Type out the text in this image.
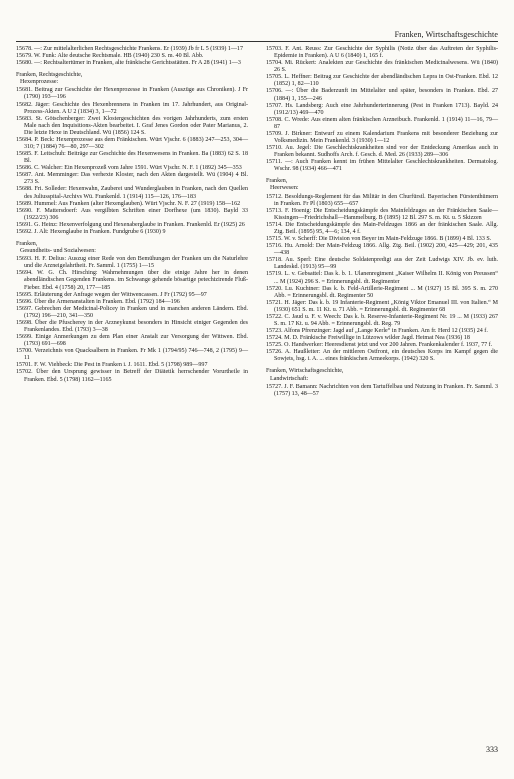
Franken, Wirtschaftsgeschichte

15678. —: Zur mittelalterlichen Rechtsgeschichte Frankens. Er (1939) Jb fr L 5 (1939) 1—17

15679. W. Funk: Alte deutsche Rechtsmale. HB (1940) 230 S. m. 40 Bl. Abb.

15680. —: Rechtsaltertümer in Franken, alte fränkische Gerichtsstätten. Fr A 28 (1941) 1—3

Franken, Rechtsgeschichte,
Hexenprozesse:

15681. Beitrag zur Geschichte der Hexenprozesse in Franken (Auszüge aus Chroniken). J Fr (1790) 193—196

15682. Jäger: Geschichte des Hexenbrennens in Franken im 17. Jahrhundert, aus Original-Prozess-Akten. A U 2 (1834) 3, 1—72

15683. St. Götschenberger: Zwei Klostergeschichten des vorigen Jahrhunderts, zum ersten Male nach den Inquisitions-Akten bearbeitet. I. Graf Jenes Gordon oder Pater Marianus, 2. Die letzte Hexe in Deutschland. Wü (1856) 124 S.

15684. P. Beck: Hexenprozesse aus dem Fränkischen. Würt Vjschr. 6 (1883) 247—253, 304—310; 7 (1884) 76—80, 297—302

15685. F. Leitschuh: Beiträge zur Geschichte des Hexenwesens in Franken. Ba (1883) 62 S. 18 Bl.

15686. C. Walcher: Ein Hexenprozeß vom Jahre 1591. Würt Vjschr. N. F. 1 (1892) 345—353

15687. Ant. Memminger: Das verhexte Kloster, nach den Akten dargestellt. Wü (1904) 4 Bl. 273 S.

15688. Fri. Solleder: Hexenwahn, Zauberei und Wunderglauben in Franken, nach den Quellen des Juliusspital-Archivs Wü. Frankenld. 1 (1914) 115—126, 176—183

15689. Hummel: Aus Franken (alter Hexenglauben). Würt Vjschr. N. F. 27 (1919) 158—162

15690. F. Mattersdoerf: Aus vergilbten Schriften einer Dorfhexe (um 1830). Bayld 33 (1922/23) 306

15691. G. Heinz: Hexenverfolgung und Hexenaberglaube in Franken. Frankenld. Er (1925) 26

15692. J. Alt: Hexenglaube in Franken. Fundgrube 6 (1930) 9

Franken,
Gesundheits- und Sozialwesen:

15693. H. F. Delius: Auszug einer Rede von den Bemühungen der Franken um die Naturlehre und die Arzneigelahrtheit. Fr. Samml. 1 (1755) 1—15

15694. W. G. Ch. Hirsching: Wahrnehmungen über die einige Jahre her in denen abendländischen Gegenden Frankens. im Schwange gehende bösartige petechizirende Fluß-Fieber. Ebd. 4 (1758) 20, 177—185

15695. Erläuterung der Anfrage wegen der Wittwencassen. J Fr (1792) 95—97

15696. Über die Armenanstalten in Franken. Ebd. (1792) 184—196

15697. Gebrechen der Medicinal-Policey in Franken und in manchen anderen Ländern. Ebd. (1792) 196—210, 341—350

15698. Über die Pfuscherey in der Arzneykunst besonders in Hinsicht einiger Gegenden des Frankenlandes. Ebd. (1793) 3—38

15699. Einige Anmerkungen zu dem Plan einer Anstalt zur Versorgung der Wittwen. Ebd. (1793) 691—698

15700. Verzeichnis von Quacksalbern in Franken. Fr Mk 1 (1794/95) 746—748, 2 (1795) 9—11

15701. F. W. Viehbeck: Die Pest in Franken i. J. 1611. Ebd. 5 (1798) 989—997

15702. Über den Ursprung gewisser in Betreff der Diätetik herrschender Vorurtheile in Franken. Ebd. 5 (1798) 1162—1165

15703. F. Ant. Reuss: Zur Geschichte der Syphilis (Notiz über das Auftreten der Syphilis-Epidemie in Franken). A U 6 (1840) 1, 165 f.

15704. Mi. Rückert: Analekten zur Geschichte des fränkischen Medicinalwesens. Wü (1840) 26 S.

15705. L. Heffner: Beitrag zur Geschichte der abendländischen Lepra in Ost-Franken. Ebd. 12 (1852) 1, 82—110

15706. —: Über die Baderzunft im Mittelalter und später, besonders in Franken. Ebd. 27 (1884) 1, 155—246

15707. Hs. Landsberg: Auch eine Jahrhunderterinnerung (Pest in Franken 1713). Bayld. 24 (1912/13) 469—470

15708. C. Wrede: Aus einem alten fränkischen Arzneibuch. Frankenld. 1 (1914) 11—16, 79—87

15709. J. Birkner: Entwurf zu einem Kalendarium Frankens mit besonderer Beziehung zur Volksmedizin. Mein Frankenld. 3 (1930) 1—12

15710. Au. Jegel: Die Geschlechtskrankheiten sind vor der Entdeckung Amerikas auch in Franken bekannt. Sudhoffs Arch. f. Gesch. d. Med. 26 (1933) 289—306

15711. —: Auch Franken kennt im frühen Mittelalter Geschlechtskrankheiten. Dermatolog. Wschr. 98 (1934) 466—471

Franken,
Heerwesen:

15712. Besoldungs-Reglement für das Militär in den Churfürstl. Bayerischen Fürstenthümern in Franken. Fr Pl (1803) 655—657

15713. F. Hoenig: Die Entscheidungskämpfe des Mainfeldzuges an der Fränkischen Saale—Kissingen—Friedrichshall—Hammelburg. B (1895) 12 Bl. 297 S. m. Kt. u. 5 Skizzen

15714. Die Entscheidungskämpfe des Main-Feldzuges 1866 an der fränkischen Saale. Allg. Ztg. Beil. (1895) 95, 4—6; 134, 4 f.

15715. W. v. Scherff: Die Division von Beyer im Main-Feldzuge 1866. B (1899) 4 Bl. 133 S.

15716. Hu. Arnold: Der Main-Feldzug 1866. Allg. Ztg. Beil. (1902) 200, 425—429; 201, 435—438

15718. Au. Sperl: Eine deutsche Soldatenpredigt aus der Zeit Ludwigs XIV. Jb. ev. luth. Landeskd. (1913) 95—99

15719. L. v. Gebsattel: Das k. b. 1. Ulanenregiment „Kaiser Wilhelm II. König von Preussen“ ... M (1924) 296 S. = Erinnerungsbl. dt. Regimenter

15720. Lu. Kuchtner: Das k. b. Feld-Artillerie-Regiment ... M (1927) 15 Bl. 395 S. m. 270 Abb. = Erinnerungsbl. dt. Regimenter 50

15721. H. Jäger: Das k. b. 19 Infanterie-Regiment „König Viktor Emanuel III. von Italien.“ M (1930) 651 S. m. 11 Kt. u. 71 Abb. = Erinnerungsbl. dt. Regimenter 68

15722. C. Jaud u. F. v. Weech: Das k. b. Reserve-Infanterie-Regiment Nr. 19 ... M (1933) 267 S. m. 17 Kt. u. 94 Abb. = Erinnerungsbl. dt. Reg. 79

15723. Alfons Pfrenzinger: Jagd auf „Lange Kerle“ in Franken. Am fr. Herd 12 (1935) 24 f.

15724. M. D. Fränkische Freiwillige in Lützows wilder Jagd. Heimat Nea (1936) 18

15725. O. Handwerker: Heeresdienst jetzt und vor 200 Jahren. Frankenkalender f. 1937, 77 f.

15726. A. Haußleiter: An der mittleren Ostfront, ein deutsches Korps im Kampf gegen die Sowjets, hsg. i. A. ... eines fränkischen Armeekorps. (1942) 320 S.

Franken, Wirtschaftsgeschichte,
Landwirtschaft:

15727. J. F. Bamann: Nachrichten von dem Tartuffelbau und Nutzung in Franken. Fr. Samml. 3 (1757) 13, 48—57

333
